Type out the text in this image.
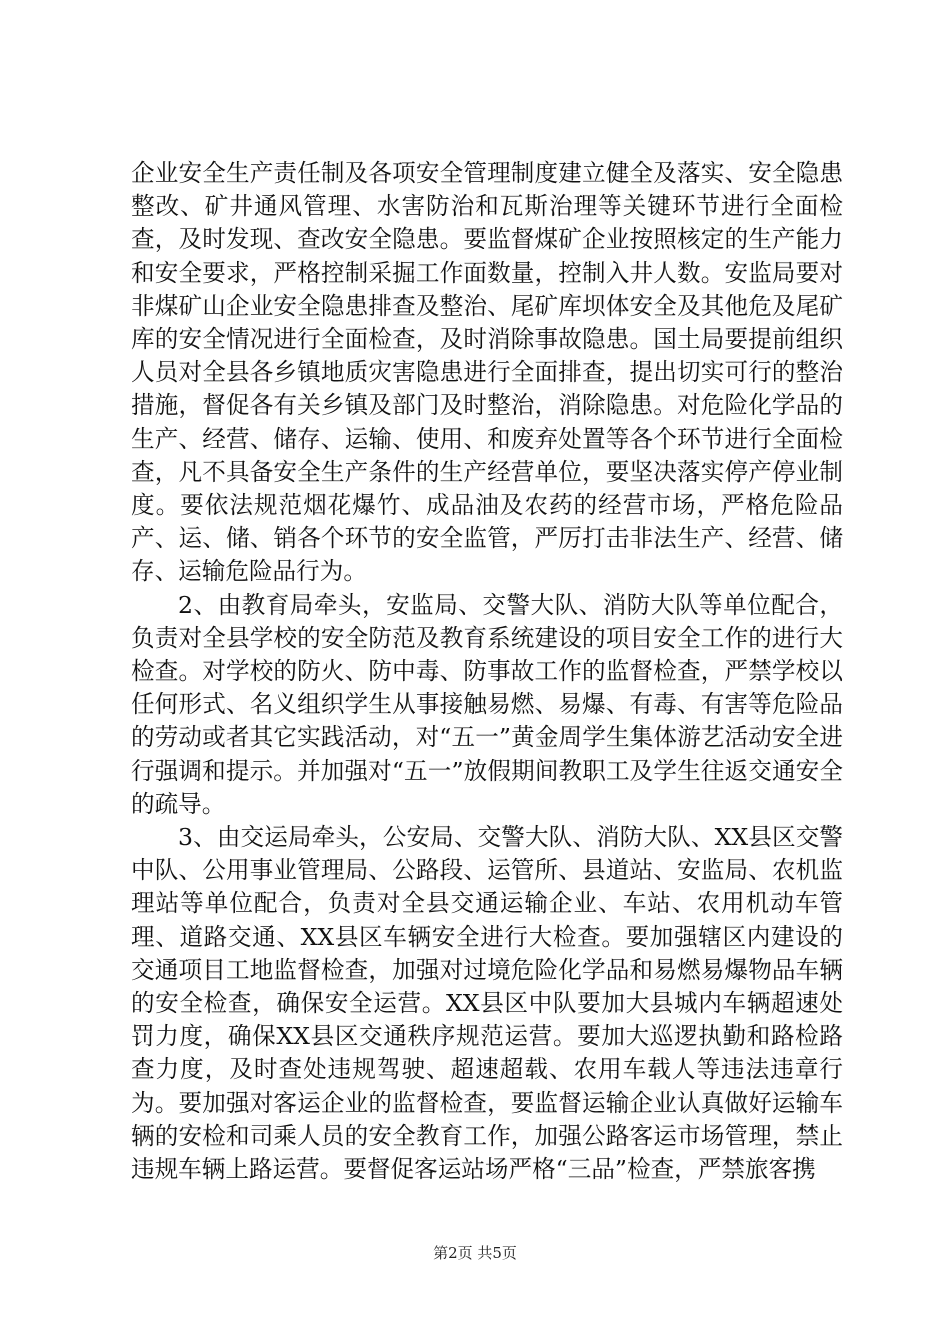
企业安全生产责任制及各项安全管理制度建立健全及落实、安全隐患整改、矿井通风管理、水害防治和瓦斯治理等关键环节进行全面检查，及时发现、查改安全隐患。要监督煤矿企业按照核定的生产能力和安全要求，严格控制采掘工作面数量，控制入井人数。安监局要对非煤矿山企业安全隐患排查及整治、尾矿库坝体安全及其他危及尾矿库的安全情况进行全面检查，及时消除事故隐患。国土局要提前组织人员对全县各乡镇地质灾害隐患进行全面排查，提出切实可行的整治措施，督促各有关乡镇及部门及时整治，消除隐患。对危险化学品的生产、经营、储存、运输、使用、和废弃处置等各个环节进行全面检查，凡不具备安全生产条件的生产经营单位，要坚决落实停产停业制度。要依法规范烟花爆竹、成品油及农药的经营市场，严格危险品产、运、储、销各个环节的安全监管，严厉打击非法生产、经营、储存、运输危险品行为。

2、由教育局牵头，安监局、交警大队、消防大队等单位配合，负责对全县学校的安全防范及教育系统建设的项目安全工作的进行大检查。对学校的防火、防中毒、防事故工作的监督检查，严禁学校以任何形式、名义组织学生从事接触易燃、易爆、有毒、有害等危险品的劳动或者其它实践活动，对“五一”黄金周学生集体游艺活动安全进行强调和提示。并加强对“五一”放假期间教职工及学生往返交通安全的疏导。

3、由交运局牵头，公安局、交警大队、消防大队、XX县区交警中队、公用事业管理局、公路段、运管所、县道站、安监局、农机监理站等单位配合，负责对全县交通运输企业、车站、农用机动车管理、道路交通、XX县区车辆安全进行大检查。要加强辖区内建设的交通项目工地监督检查，加强对过境危险化学品和易燃易爆物品车辆的安全检查，确保安全运营。XX县区中队要加大县城内车辆超速处罚力度，确保XX县区交通秩序规范运营。要加大巡逻执勤和路检路查力度，及时查处违规驾驶、超速超载、农用车载人等违法违章行为。要加强对客运企业的监督检查，要监督运输企业认真做好运输车辆的安检和司乘人员的安全教育工作，加强公路客运市场管理，禁止违规车辆上路运营。要督促客运站场严格“三品”检查，严禁旅客携

第2页 共5页
